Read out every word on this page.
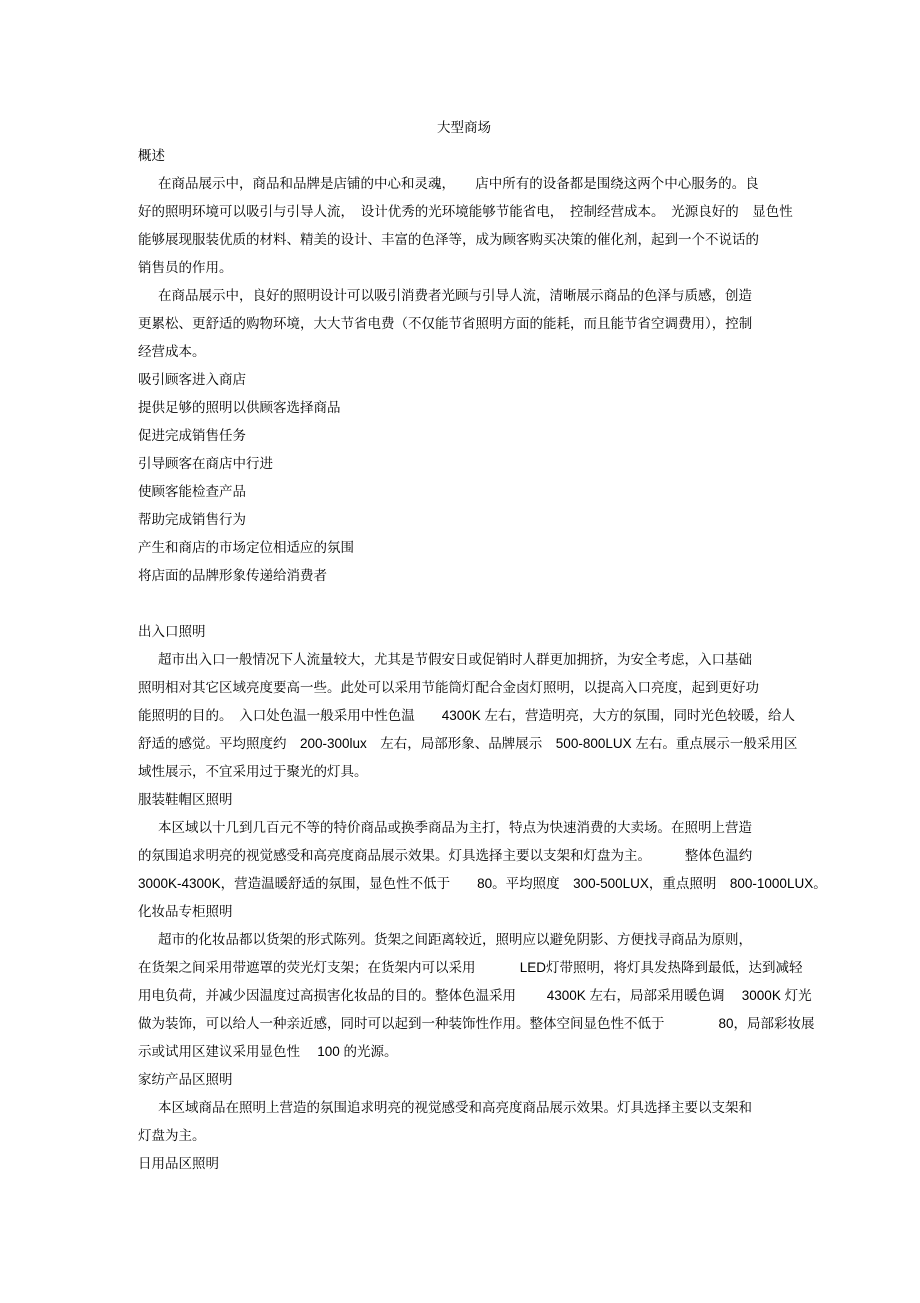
大型商场
概述
在商品展示中，商品和品牌是店铺的中心和灵魂，　　店中所有的设备都是围绕这两个中心服务的。良
好的照明环境可以吸引与引导人流，　设计优秀的光环境能够节能省电，　控制经营成本。　光源良好的　显色性
能够展现服装优质的材料、精美的设计、丰富的色泽等，成为顾客购买决策的催化剂，起到一个不说话的
销售员的作用。
在商品展示中，良好的照明设计可以吸引消费者光顾与引导人流，清晰展示商品的色泽与质感，创造
更累松、更舒适的购物环境，大大节省电费（不仅能节省照明方面的能耗，而且能节省空调费用），控制
经营成本。
吸引顾客进入商店
提供足够的照明以供顾客选择商品
促进完成销售任务
引导顾客在商店中行进
使顾客能检查产品
帮助完成销售行为
产生和商店的市场定位相适应的氛围
将店面的品牌形象传递给消费者
出入口照明
超市出入口一般情况下人流量较大，尤其是节假安日或促销时人群更加拥挤，为安全考虑，入口基础
照明相对其它区域亮度要高一些。此处可以采用节能筒灯配合金卤灯照明，以提高入口亮度，起到更好功
能照明的目的。　入口处色温一般采用中性色温　　4300K 左右，营造明亮，大方的氛围，同时光色较暖，给人
舒适的感觉。平均照度约　200-300lux　左右，局部形象、品牌展示　500-800LUX 左右。重点展示一般采用区
域性展示，不宜采用过于聚光的灯具。
服装鞋帽区照明
本区域以十几到几百元不等的特价商品或换季商品为主打，特点为快速消费的大卖场。在照明上营造
的氛围追求明亮的视觉感受和高亮度商品展示效果。灯具选择主要以支架和灯盘为主。　　　整体色温约
3000K-4300K，营造温暖舒适的氛围，显色性不低于　　80。平均照度　300-500LUX，重点照明　800-1000LUX。
化妆品专柜照明
超市的化妆品都以货架的形式陈列。货架之间距离较近，照明应以避免阴影、方便找寻商品为原则，
在货架之间采用带遮罩的荧光灯支架；在货架内可以采用　　　 LED灯带照明，将灯具发热降到最低，达到减轻
用电负荷，并减少因温度过高损害化妆品的目的。整体色温采用　　 4300K 左右，局部采用暖色调　 3000K 灯光
做为装饰，可以给人一种亲近感，同时可以起到一种装饰性作用。整体空间显色性不低于　　　　80，局部彩妆展
示或试用区建议采用显色性　 100 的光源。
家纺产品区照明
本区域商品在照明上营造的氛围追求明亮的视觉感受和高亮度商品展示效果。灯具选择主要以支架和
灯盘为主。
日用品区照明
